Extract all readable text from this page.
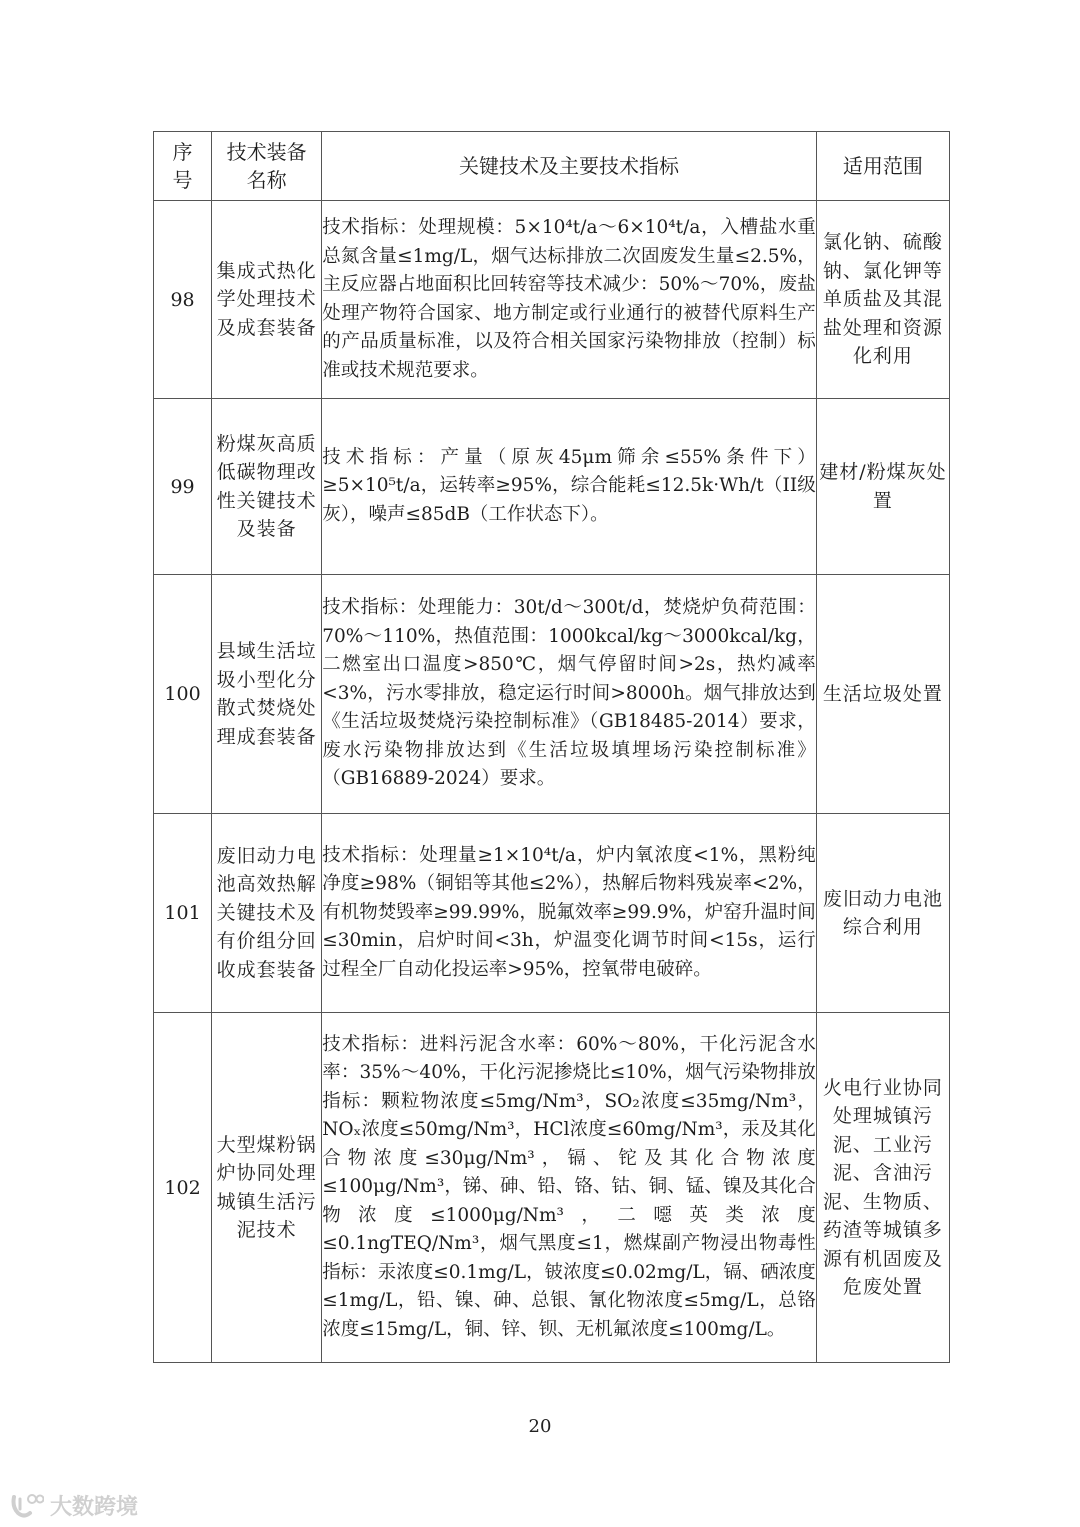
序号	技术装备名称	关键技术及主要技术指标	适用范围
98	集成式热化学处理技术及成套装备	技术指标：处理规模：5×10⁴t/a～6×10⁴t/a，入槽盐水重总氮含量≤1mg/L，烟气达标排放二次固废发生量≤2.5%，主反应器占地面积比回转窑等技术减少：50%～70%，废盐处理产物符合国家、地方制定或行业通行的被替代原料生产的产品质量标准，以及符合相关国家污染物排放（控制）标准或技术规范要求。	氯化钠、硫酸钠、氯化钾等单质盐及其混盐处理和资源化利用
99	粉煤灰高质低碳物理改性关键技术及装备	技术指标：产量（原灰45μm筛余≤55%条件下）≥5×10⁵t/a，运转率≥95%，综合能耗≤12.5k·Wh/t（II级灰），噪声≤85dB（工作状态下）。	建材/粉煤灰处置
100	县域生活垃圾小型化分散式焚烧处理成套装备	技术指标：处理能力：30t/d～300t/d，焚烧炉负荷范围：70%～110%，热值范围：1000kcal/kg～3000kcal/kg，二燃室出口温度>850℃，烟气停留时间>2s，热灼减率<3%，污水零排放，稳定运行时间>8000h。烟气排放达到《生活垃圾焚烧污染控制标准》（GB18485-2014）要求，废水污染物排放达到《生活垃圾填埋场污染控制标准》（GB16889-2024）要求。	生活垃圾处置
101	废旧动力电池高效热解关键技术及有价组分回收成套装备	技术指标：处理量≥1×10⁴t/a，炉内氧浓度<1%，黑粉纯净度≥98%（铜铝等其他≤2%），热解后物料残炭率<2%，有机物焚毁率≥99.99%，脱氟效率≥99.9%，炉窑升温时间≤30min，启炉时间<3h，炉温变化调节时间<15s，运行过程全厂自动化投运率>95%，控氧带电破碎。	废旧动力电池综合利用
102	大型煤粉锅炉协同处理城镇生活污泥技术	技术指标：进料污泥含水率：60%～80%，干化污泥含水率：35%～40%，干化污泥掺烧比≤10%，烟气污染物排放指标：颗粒物浓度≤5mg/Nm³，SO₂浓度≤35mg/Nm³，NOₓ浓度≤50mg/Nm³，HCl浓度≤60mg/Nm³，汞及其化合物浓度≤30μg/Nm³，镉、铊及其化合物浓度≤100μg/Nm³，锑、砷、铅、铬、钴、铜、锰、镍及其化合物浓度≤1000μg/Nm³，二噁英类浓度≤0.1ngTEQ/Nm³，烟气黑度≤1，燃煤副产物浸出物毒性指标：汞浓度≤0.1mg/L，铍浓度≤0.02mg/L，镉、硒浓度≤1mg/L，铅、镍、砷、总银、氰化物浓度≤5mg/L，总铬浓度≤15mg/L，铜、锌、钡、无机氟浓度≤100mg/L。	火电行业协同处理城镇污泥、工业污泥、含油污泥、生物质、药渣等城镇多源有机固废及危废处置
20
大数跨境
